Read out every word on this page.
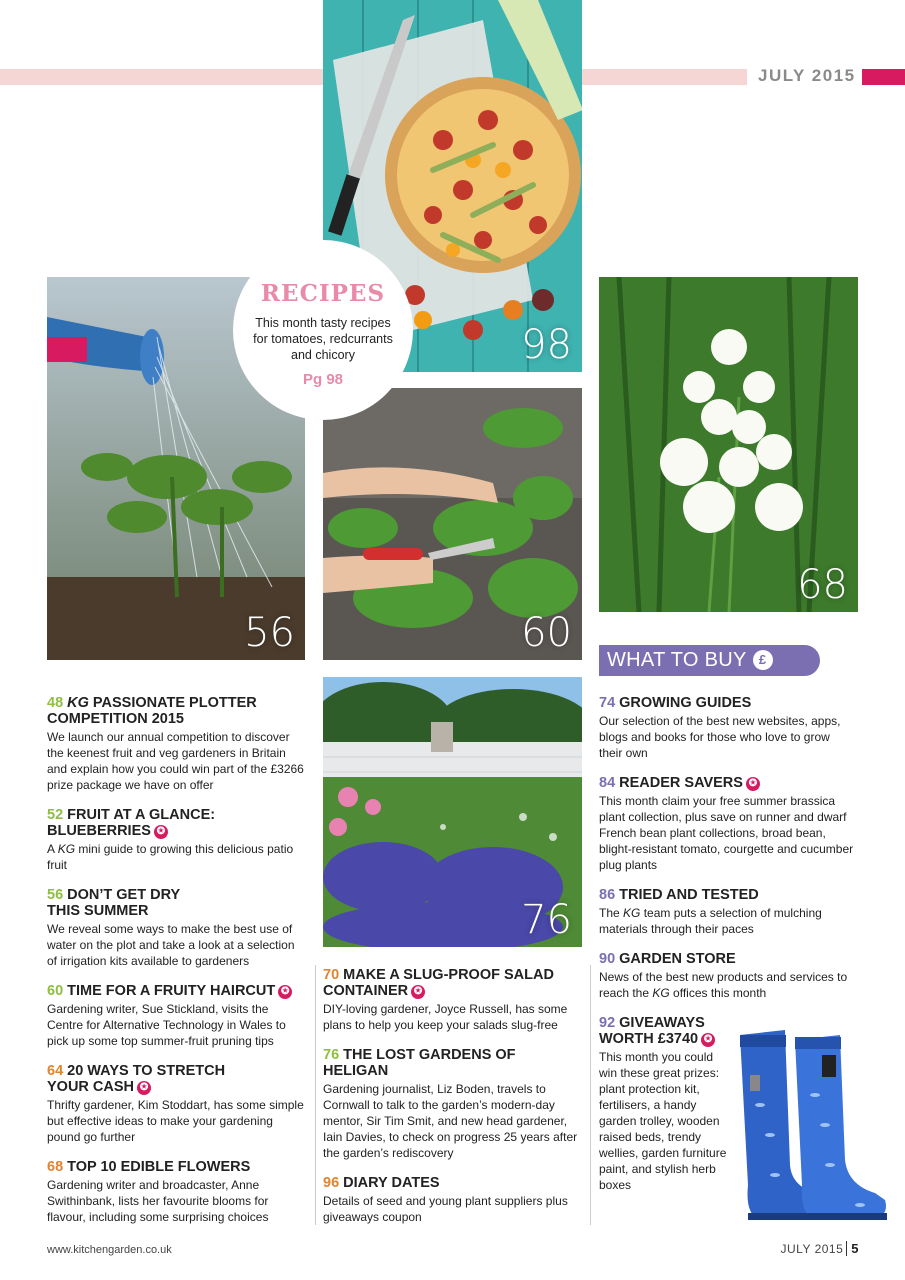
JULY 2015
98
56	60
68
76
RECIPES
This month tasty recipes for tomatoes, redcurrants and chicory
Pg 98
WHAT TO BUY £
48 KG PASSIONATE PLOTTER COMPETITION 2015

We launch our annual competition to discover the keenest fruit and veg gardeners in Britain and explain how you could win part of the £3266 prize package we have on offer

52 FRUIT AT A GLANCE: BLUEBERRIES ✪

A KG mini guide to growing this delicious patio fruit

56 DON’T GET DRY THIS SUMMER

We reveal some ways to make the best use of water on the plot and take a look at a selection of irrigation kits available to gardeners

60 TIME FOR A FRUITY HAIRCUT ✪

Gardening writer, Sue Stickland, visits the Centre for Alternative Technology in Wales to pick up some top summer-fruit pruning tips

64 20 WAYS TO STRETCH YOUR CASH ✪

Thrifty gardener, Kim Stoddart, has some simple but effective ideas to make your gardening pound go further

68 TOP 10 EDIBLE FLOWERS

Gardening writer and broadcaster, Anne Swithinbank, lists her favourite blooms for flavour, including some surprising choices

70 MAKE A SLUG-PROOF SALAD CONTAINER ✪

DIY-loving gardener, Joyce Russell, has some plans to help you keep your salads slug-free

76 THE LOST GARDENS OF HELIGAN

Gardening journalist, Liz Boden, travels to Cornwall to talk to the garden’s modern-day mentor, Sir Tim Smit, and new head gardener, Iain Davies, to check on progress 25 years after the garden’s rediscovery

96 DIARY DATES

Details of seed and young plant suppliers plus giveaways coupon

74 GROWING GUIDES

Our selection of the best new websites, apps, blogs and books for those who love to grow their own

84 READER SAVERS ✪

This month claim your free summer brassica plant collection, plus save on runner and dwarf French bean plant collections, broad bean, blight-resistant tomato, courgette and cucumber plug plants

86 TRIED AND TESTED

The KG team puts a selection of mulching materials through their paces

90 GARDEN STORE

News of the best new products and services to reach the KG offices this month

92 GIVEAWAYS WORTH £3740 ✪

This month you could win these great prizes: plant protection kit, fertilisers, a handy garden trolley, wooden raised beds, trendy wellies, garden furniture paint, and stylish herb boxes

www.kitchengarden.co.uk	JULY 2015 5
